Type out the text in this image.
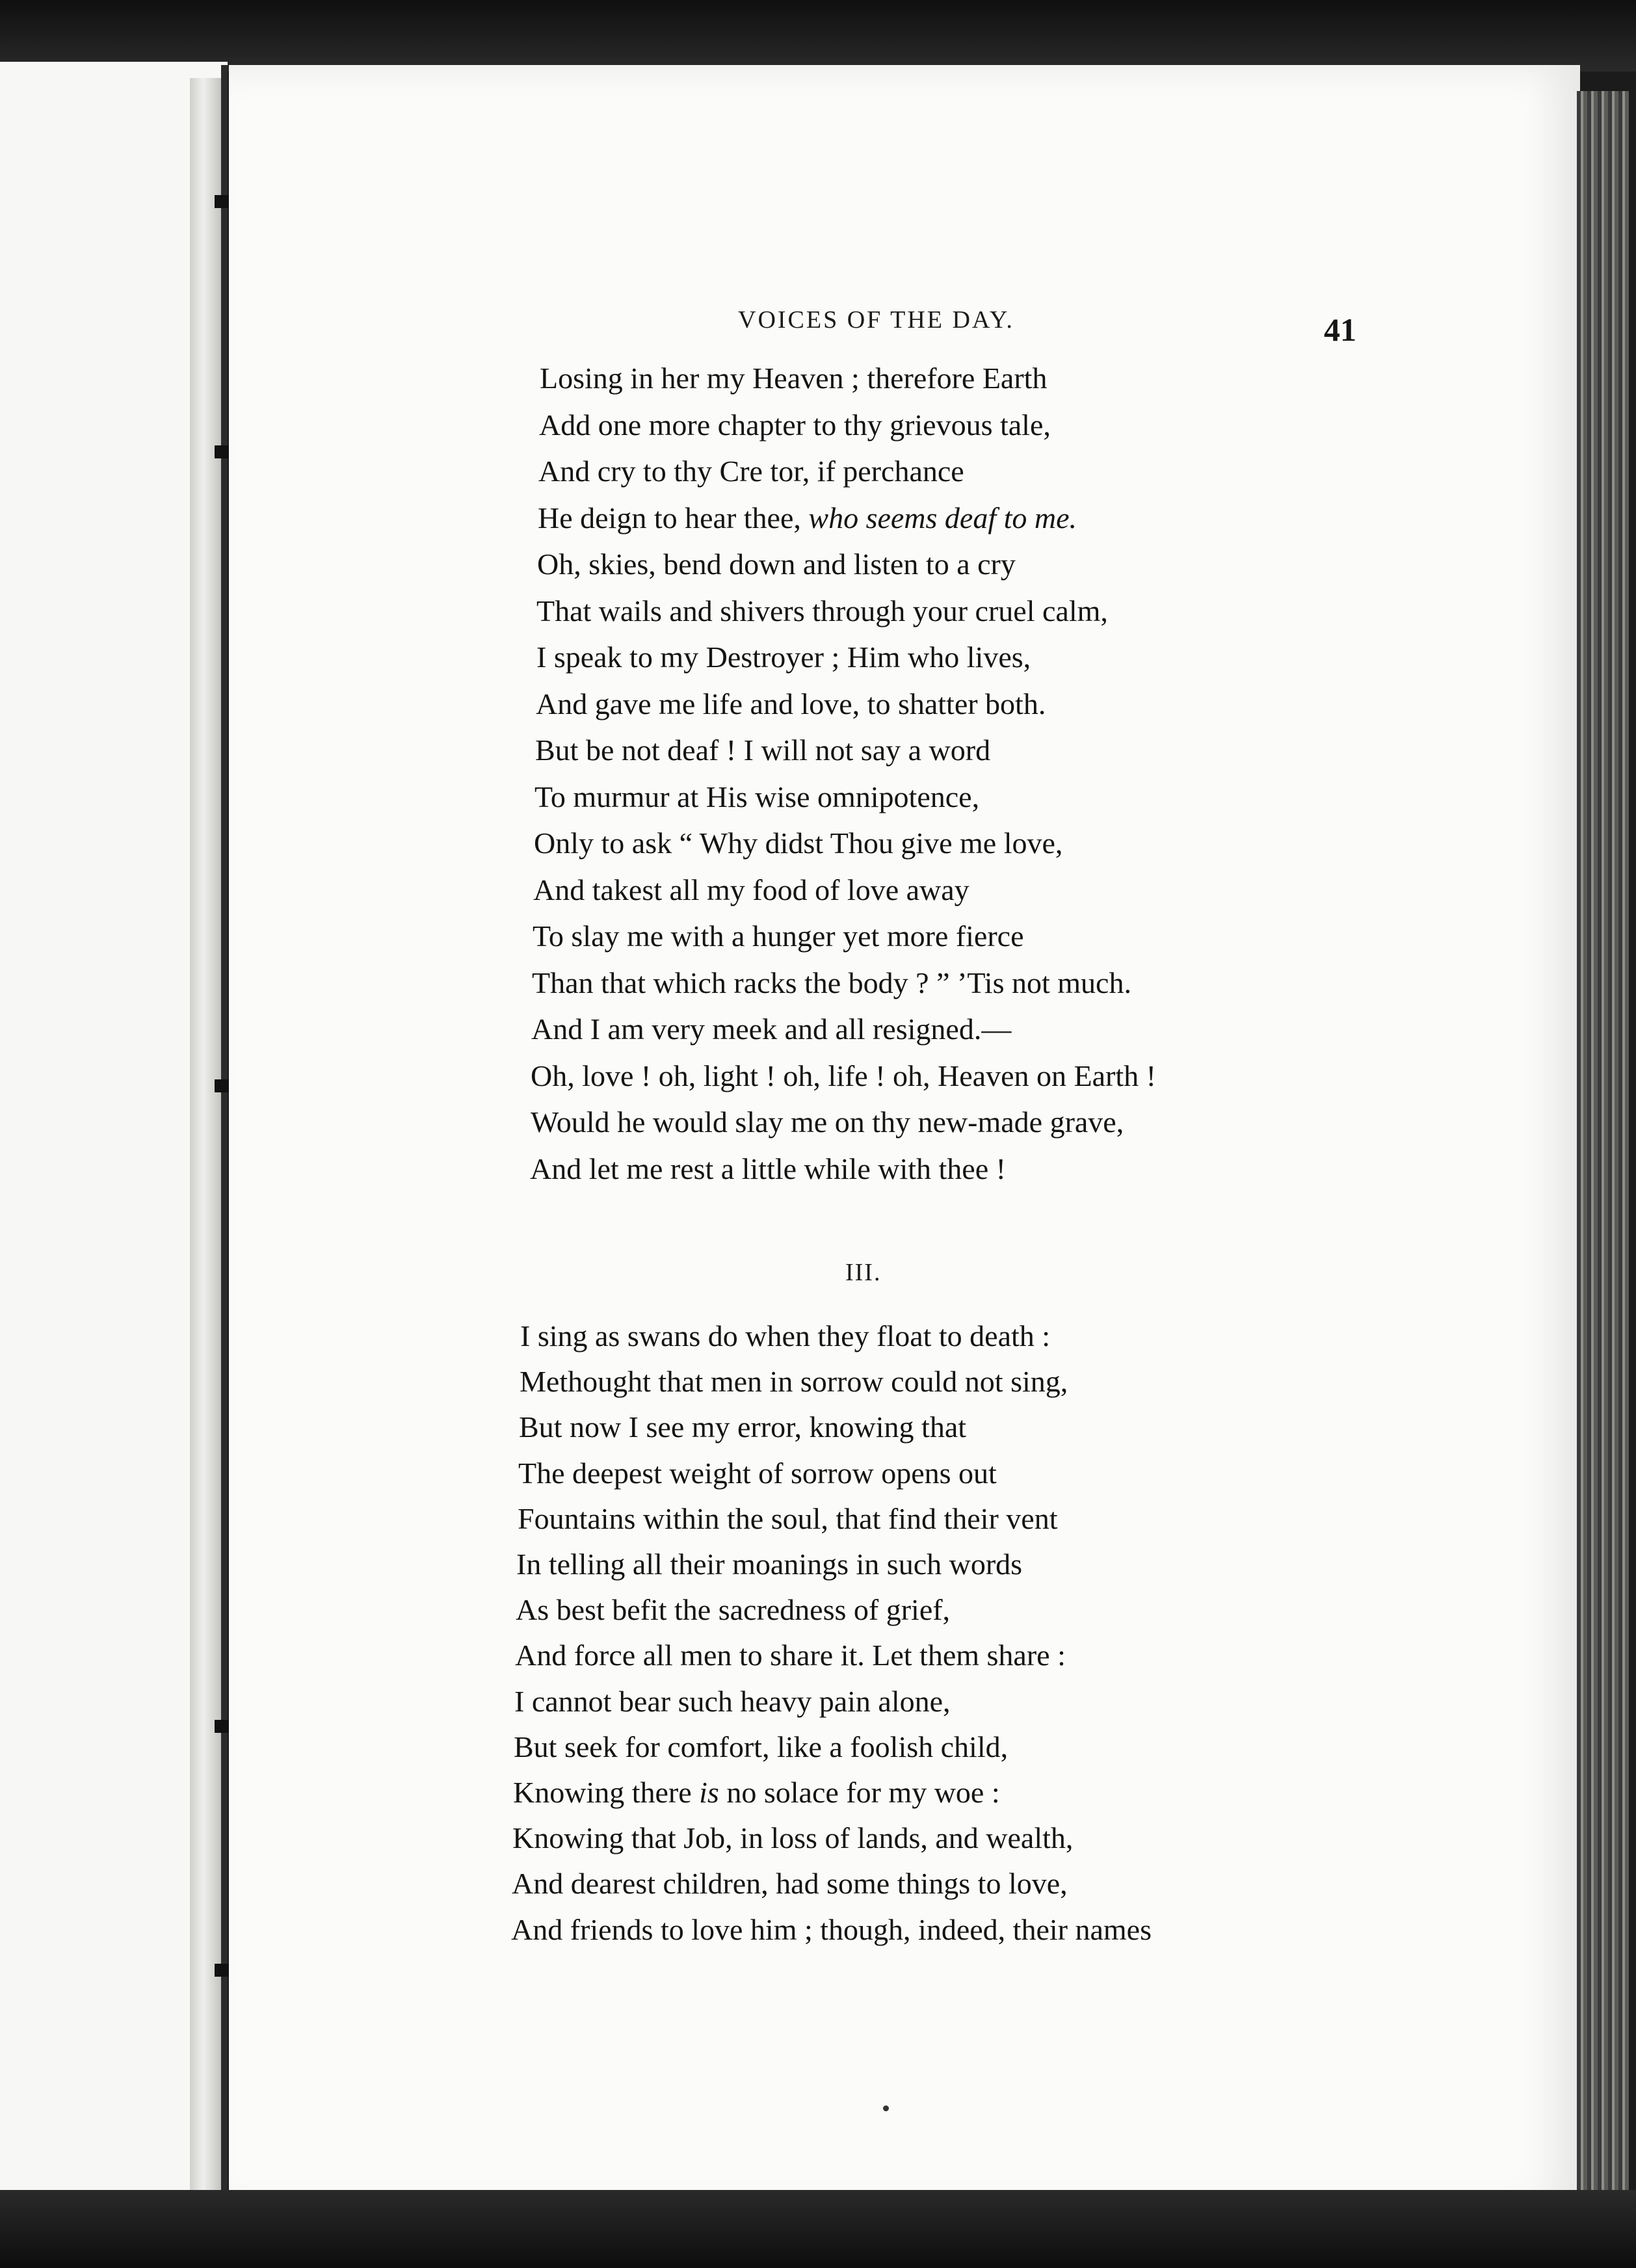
VOICES OF THE DAY.	41
Losing in her my Heaven ; therefore Earth
Add one more chapter to thy grievous tale,
And cry to thy Cre tor, if perchance
He deign to hear thee, who seems deaf to me.
Oh, skies, bend down and listen to a cry
That wails and shivers through your cruel calm,
I speak to my Destroyer ; Him who lives,
And gave me life and love, to shatter both.
But be not deaf ! I will not say a word
To murmur at His wise omnipotence,
Only to ask “ Why didst Thou give me love,
And takest all my food of love away
To slay me with a hunger yet more fierce
Than that which racks the body ? ” ’Tis not much.
And I am very meek and all resigned.—
Oh, love ! oh, light ! oh, life ! oh, Heaven on Earth !
Would he would slay me on thy new-made grave,
And let me rest a little while with thee !
III.
I sing as swans do when they float to death :
Methought that men in sorrow could not sing,
But now I see my error, knowing that
The deepest weight of sorrow opens out
Fountains within the soul, that find their vent
In telling all their moanings in such words
As best befit the sacredness of grief,
And force all men to share it. Let them share :
I cannot bear such heavy pain alone,
But seek for comfort, like a foolish child,
Knowing there is no solace for my woe :
Knowing that Job, in loss of lands, and wealth,
And dearest children, had some things to love,
And friends to love him ; though, indeed, their names
